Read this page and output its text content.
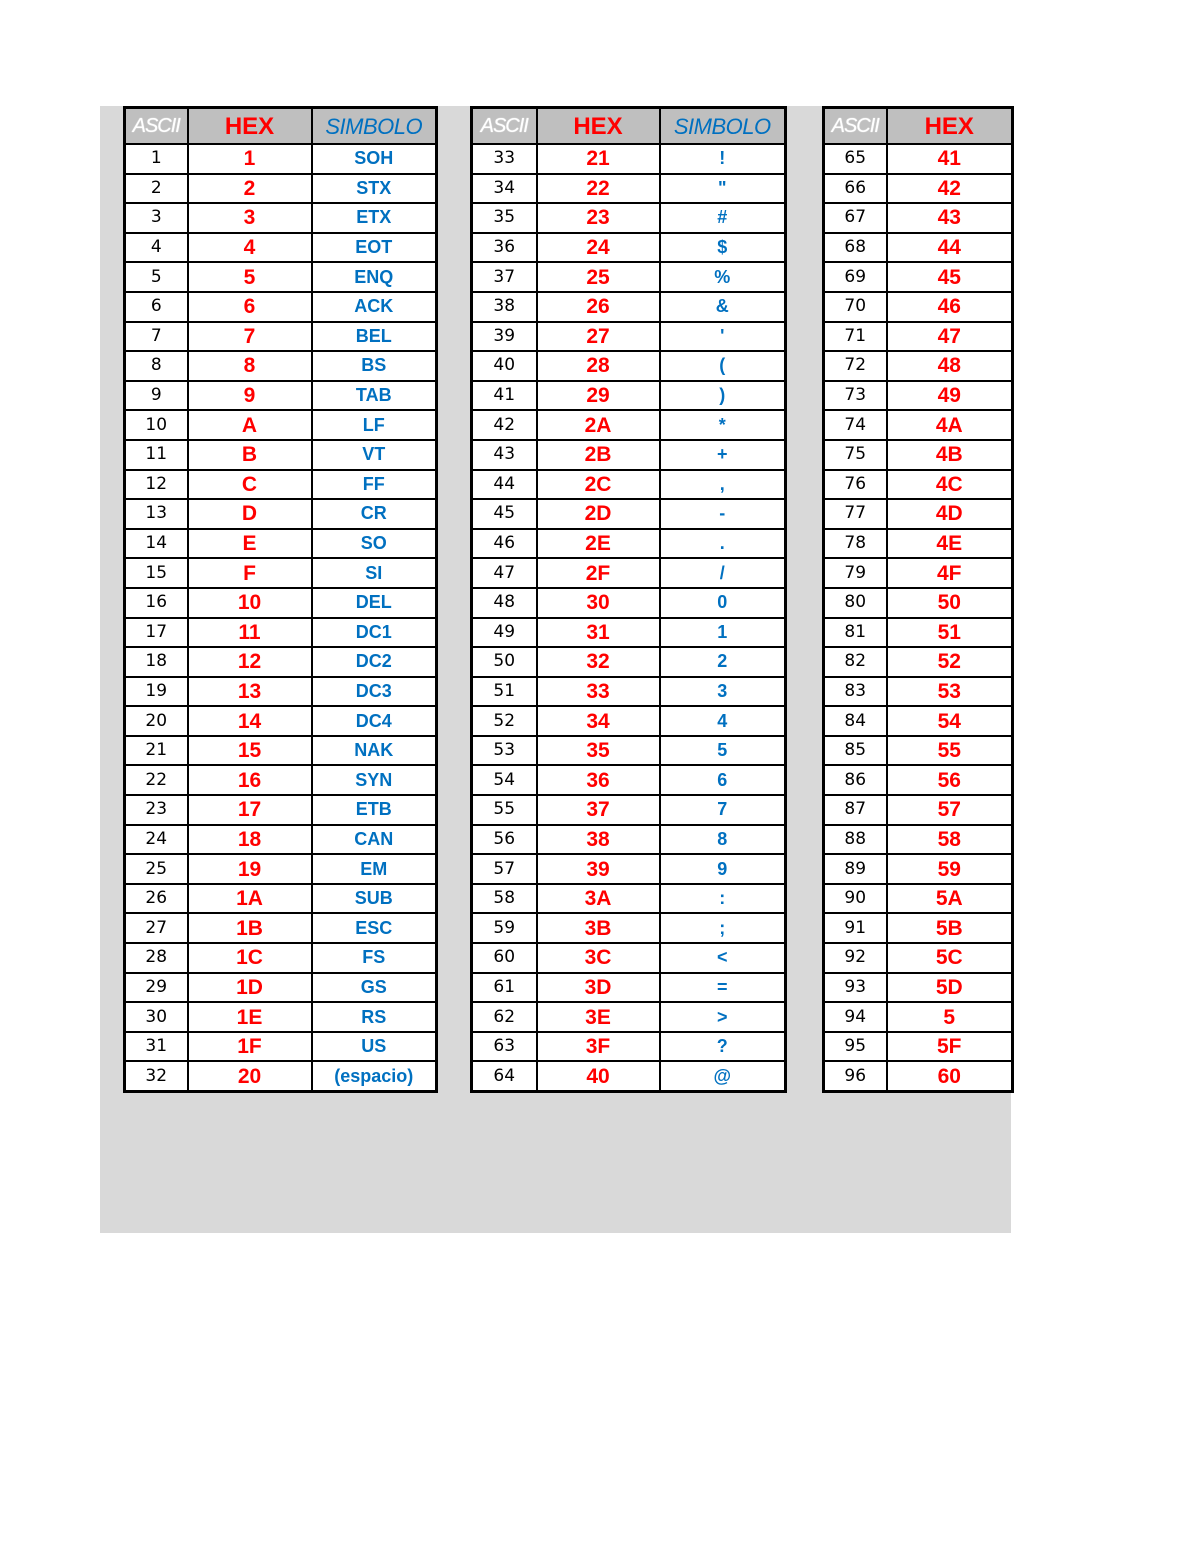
ASCII	HEX	SIMBOLO
1	1	SOH
2	2	STX
3	3	ETX
4	4	EOT
5	5	ENQ
6	6	ACK
7	7	BEL
8	8	BS
9	9	TAB
10	A	LF
11	B	VT
12	C	FF
13	D	CR
14	E	SO
15	F	SI
16	10	DEL
17	11	DC1
18	12	DC2
19	13	DC3
20	14	DC4
21	15	NAK
22	16	SYN
23	17	ETB
24	18	CAN
25	19	EM
26	1A	SUB
27	1B	ESC
28	1C	FS
29	1D	GS
30	1E	RS
31	1F	US
32	20	(espacio)
ASCII	HEX	SIMBOLO
33	21	!
34	22	"
35	23	#
36	24	$
37	25	%
38	26	&
39	27	'
40	28	(
41	29	)
42	2A	*
43	2B	+
44	2C	,
45	2D	-
46	2E	.
47	2F	/
48	30	0
49	31	1
50	32	2
51	33	3
52	34	4
53	35	5
54	36	6
55	37	7
56	38	8
57	39	9
58	3A	:
59	3B	;
60	3C	<
61	3D	=
62	3E	>
63	3F	?
64	40	@
ASCII	HEX
65	41
66	42
67	43
68	44
69	45
70	46
71	47
72	48
73	49
74	4A
75	4B
76	4C
77	4D
78	4E
79	4F
80	50
81	51
82	52
83	53
84	54
85	55
86	56
87	57
88	58
89	59
90	5A
91	5B
92	5C
93	5D
94	5
95	5F
96	60
